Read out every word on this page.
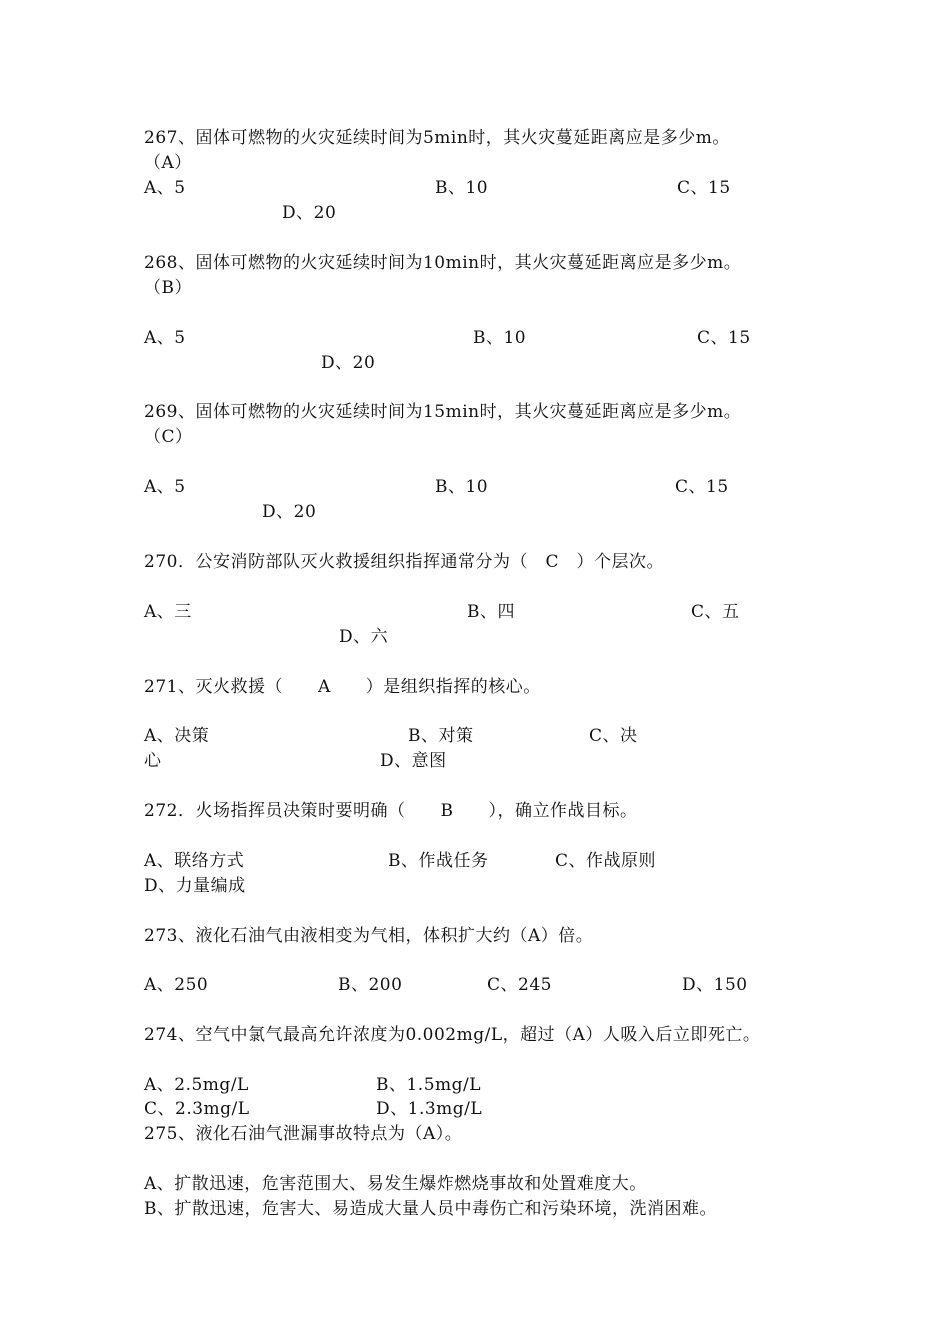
267、固体可燃物的火灾延续时间为5min时，其火灾蔓延距离应是多少m。
（A）
A、5	B、10	C、15
D、20
268、固体可燃物的火灾延续时间为10min时，其火灾蔓延距离应是多少m。
（B）
A、5	B、10	C、15
D、20
269、固体可燃物的火灾延续时间为15min时，其火灾蔓延距离应是多少m。
（C）
A、5	B、10	C、15
D、20
270．公安消防部队灭火救援组织指挥通常分为（　C　）个层次。
A、三	B、四	C、五
D、六
271、灭火救援（　　A　　）是组织指挥的核心。
A、决策	B、对策	C、决
心	D、意图
272．火场指挥员决策时要明确（　　B　　），确立作战目标。
A、联络方式	B、作战任务	C、作战原则
D、力量编成
273、液化石油气由液相变为气相，体积扩大约（A）倍。
A、250	B、200	C、245	D、150
274、空气中氯气最高允许浓度为0.002mg/L，超过（A）人吸入后立即死亡。
A、2.5mg/L	B、1.5mg/L
C、2.3mg/L	D、1.3mg/L
275、液化石油气泄漏事故特点为（A）。
A、扩散迅速，危害范围大、易发生爆炸燃烧事故和处置难度大。
B、扩散迅速，危害大、易造成大量人员中毒伤亡和污染环境，洗消困难。
